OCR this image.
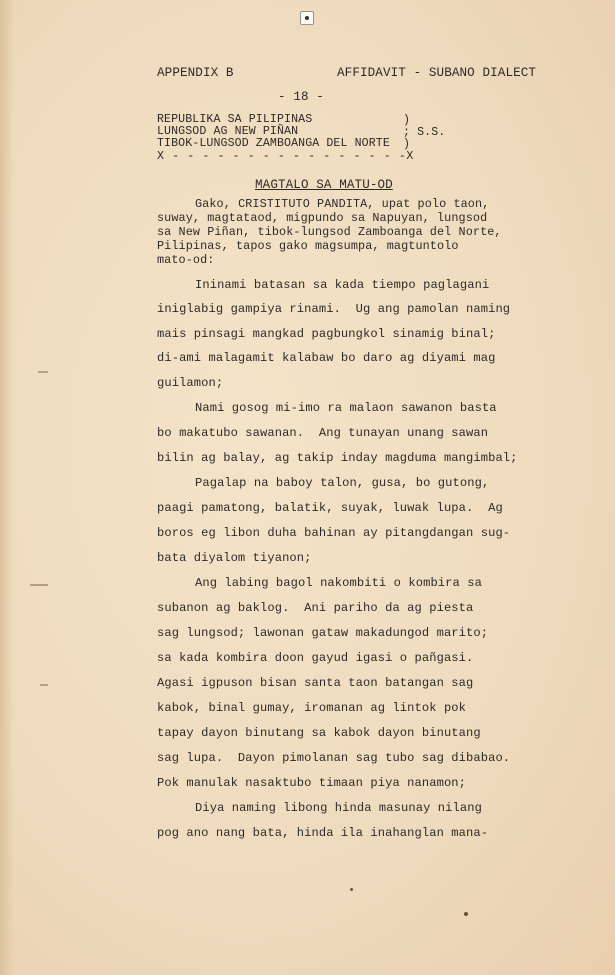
APPENDIX B	AFFIDAVIT - SUBANO DIALECT
- 18 -
REPUBLIKA SA PILIPINAS
LUNGSOD AG NEW PIÑAN
TIBOK-LUNGSOD ZAMBOANGA DEL NORTE
X - - - - - - - - - - - - - - - -X
)
; S.S.
)
MAGTALO SA MATU-OD
Gako, CRISTITUTO PANDITA, upat polo taon,
suway, magtataod, migpundo sa Napuyan, lungsod
sa New Piñan, tibok-lungsod Zamboanga del Norte,
Pilipinas, tapos gako magsumpa, magtuntolo
mato-od:
Ininami batasan sa kada tiempo paglagani
iniglabig gampiya rinami.  Ug ang pamolan naming
mais pinsagi mangkad pagbungkol sinamig binal;
di-ami malagamit kalabaw bo daro ag diyami mag
guilamon;
Nami gosog mi-imo ra malaon sawanon basta
bo makatubo sawanan.  Ang tunayan unang sawan
bilin ag balay, ag takip inday magduma mangimbal;
Pagalap na baboy talon, gusa, bo gutong,
paagi pamatong, balatik, suyak, luwak lupa.  Ag
boros eg libon duha bahinan ay pitangdangan sug-
bata diyalom tiyanon;
Ang labing bagol nakombiti o kombira sa
subanon ag baklog.  Ani pariho da ag piesta
sag lungsod; lawonan gataw makadungod marito;
sa kada kombira doon gayud igasi o pañgasi.
Agasi igpuson bisan santa taon batangan sag
kabok, binal gumay, iromanan ag lintok pok
tapay dayon binutang sa kabok dayon binutang
sag lupa.  Dayon pimolanan sag tubo sag dibabao.
Pok manulak nasaktubo timaan piya nanamon;
Diya naming libong hinda masunay nilang
pog ano nang bata, hinda ila inahanglan mana-
